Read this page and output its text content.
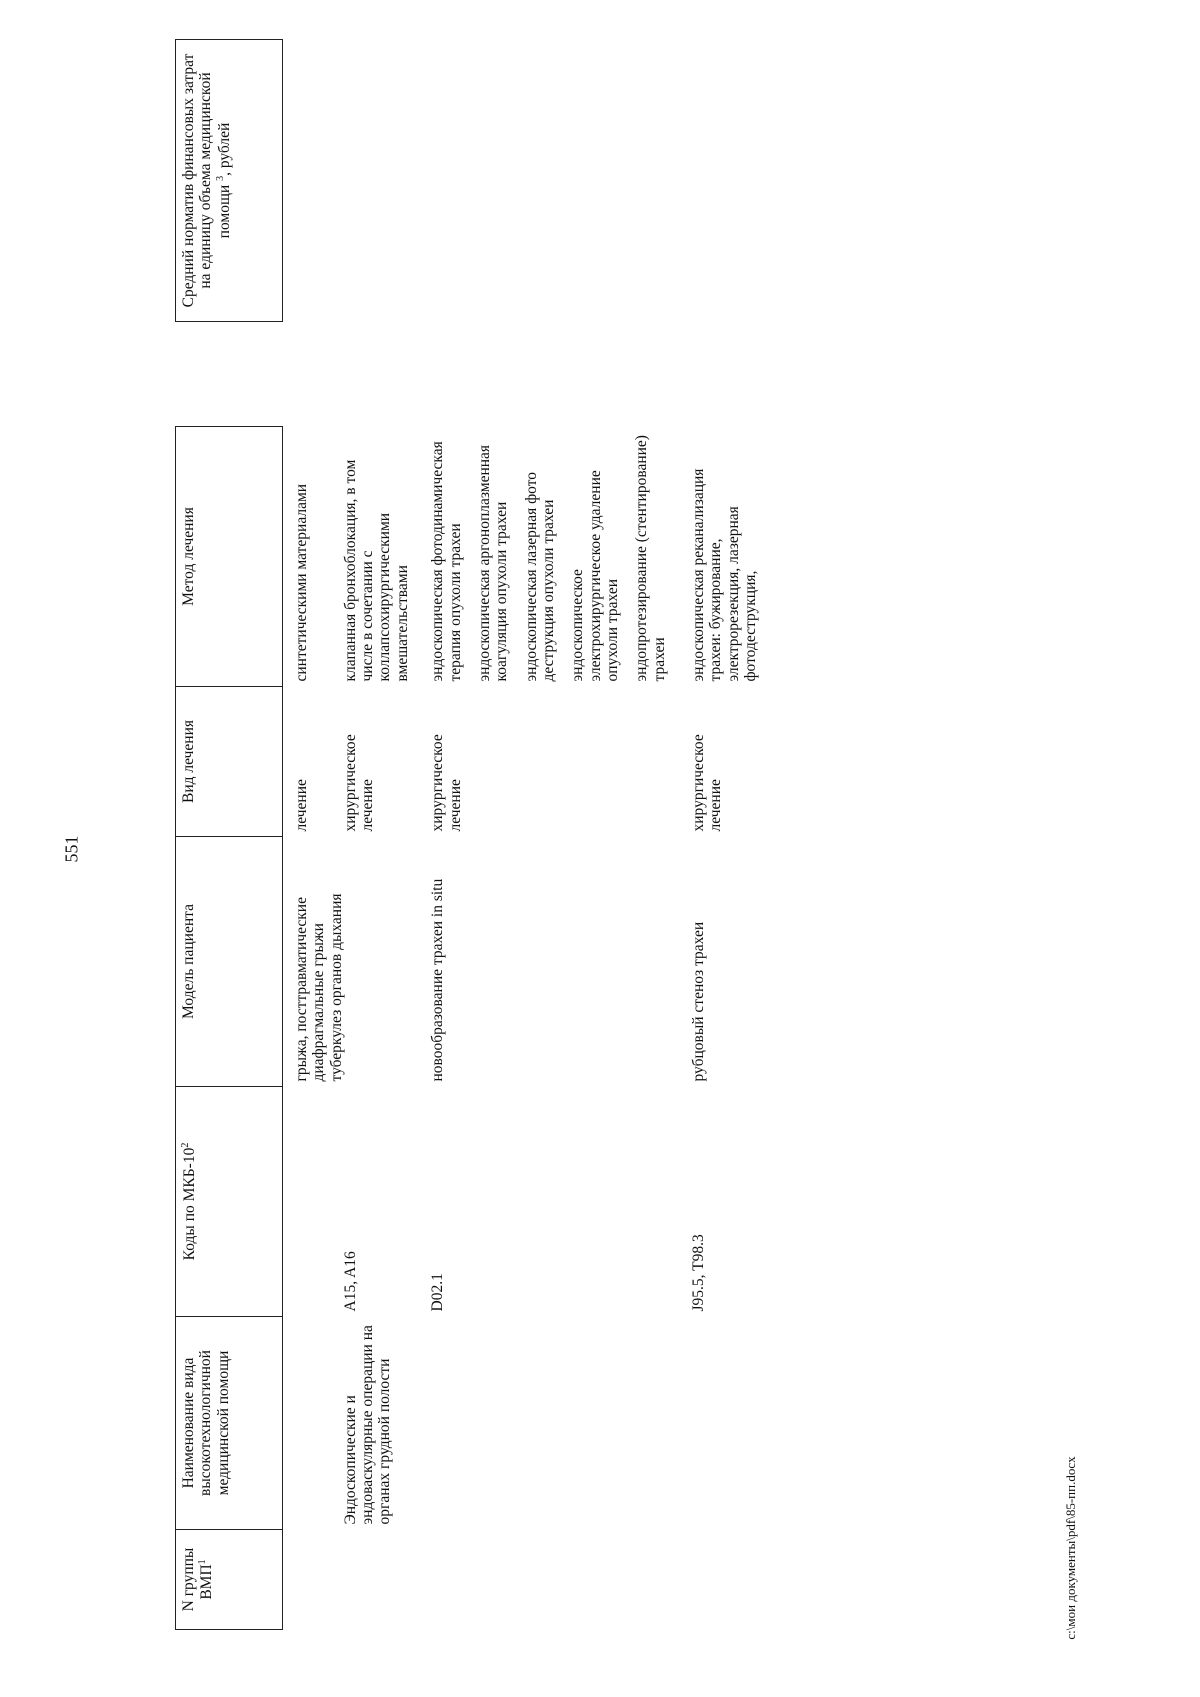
551
c:\мои документы\pdf\85-пп.docx
N группы ВМП$^1$	Наименование вида высокотехнологичной медицинской помощи	Коды по МКБ-$10^2$	Модель пациента	Вид лечения	Метод лечения		Средний норматив финансовых затрат на единицу объема медицинской помощи $^3$, рублей
			грыжа, посттравматические диафрагмальные грыжи	лечение	синтетическими материалами		
	Эндоскопические и эндоваскулярные операции на органах грудной полости	A15, A16	туберкулез органов дыхания	хирургическое лечение	клапанная бронхоблокация, в том числе в сочетании с коллапсохирургическими вмешательствами		
		D02.1	новообразование трахеи in situ	хирургическое лечение	эндоскопическая фотодинамическая терапия опухоли трахеи эндоскопическая аргоноплазменная коагуляция опухоли трахеи эндоскопическая лазерная фото деструкция опухоли трахеи эндоскопическое электрохирургическое удаление опухоли трахеи эндопротезирование (стентирование) трахеи		

		J95.5, T98.3	рубцовый стеноз трахеи	хирургическое лечение	эндоскопическая реканализация трахеи: бужирование, электрорезекция, лазерная фотодеструкция,		
